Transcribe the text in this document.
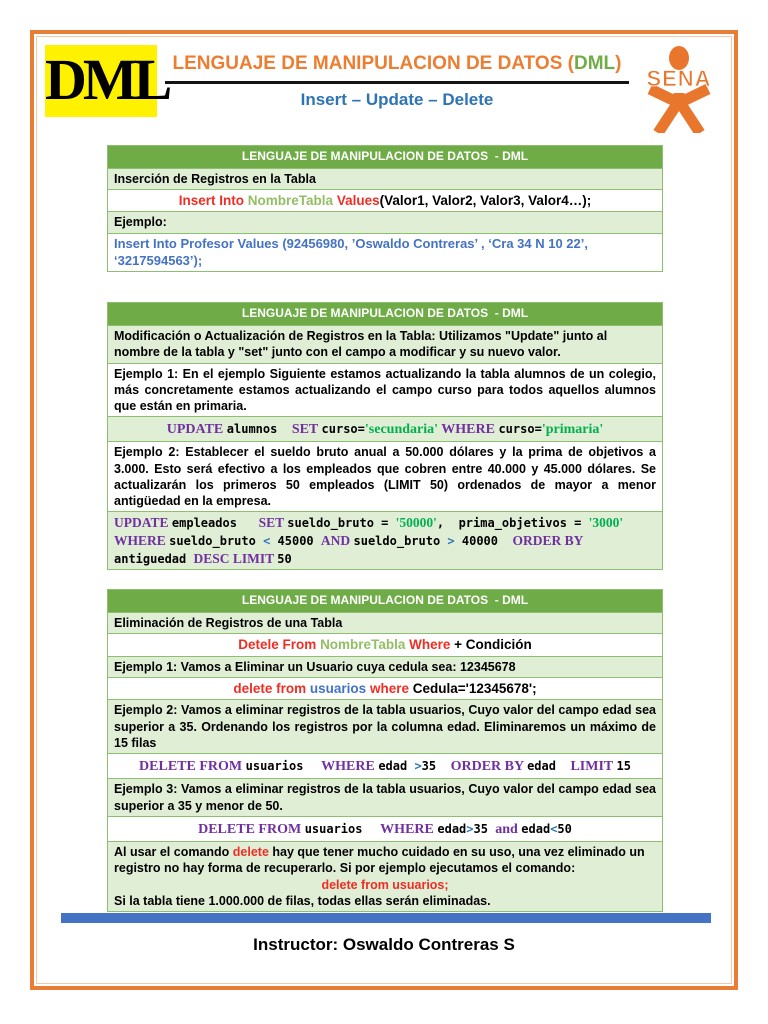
DML LENGUAJE DE MANIPULACION DE DATOS (DML)
Insert – Update – Delete
SENA
LENGUAJE DE MANIPULACION DE DATOS  - DML
Inserción de Registros en la Tabla
Insert Into NombreTabla Values(Valor1, Valor2, Valor3, Valor4…);
Ejemplo:
Insert Into Profesor Values (92456980, ’Oswaldo Contreras’ , ‘Cra 34 N 10 22’, ‘3217594563’);
LENGUAJE DE MANIPULACION DE DATOS  - DML
Modificación o Actualización de Registros en la Tabla: Utilizamos "Update" junto al nombre de la tabla y "set" junto con el campo a modificar y su nuevo valor.
Ejemplo 1: En el ejemplo Siguiente estamos actualizando la tabla alumnos de un colegio, más concretamente estamos actualizando el campo curso para todos aquellos alumnos que están en primaria.
UPDATE alumnos  SET curso='secundaria' WHERE curso='primaria'
Ejemplo 2: Establecer el sueldo bruto anual a 50.000 dólares y la prima de objetivos a 3.000. Esto será efectivo a los empleados que cobren entre 40.000 y 45.000 dólares. Se actualizarán los primeros 50 empleados (LIMIT 50) ordenados de mayor a menor antigüedad en la empresa.
UPDATE empleados   SET sueldo_bruto = '50000',  prima_objetivos = '3000' WHERE sueldo_bruto < 45000 AND sueldo_bruto > 40000  ORDER BY antiguedad DESC LIMIT 50
LENGUAJE DE MANIPULACION DE DATOS  - DML
Eliminación de Registros de una Tabla
Detele From NombreTabla Where + Condición
Ejemplo 1: Vamos a Eliminar un Usuario cuya cedula sea: 12345678
delete from usuarios where Cedula='12345678';
Ejemplo 2: Vamos a eliminar registros de la tabla usuarios, Cuyo valor del campo edad sea superior a 35. Ordenando los registros por la columna edad. Eliminaremos un máximo de 15 filas
DELETE FROM usuarios   WHERE edad >35  ORDER BY edad  LIMIT 15
Ejemplo 3: Vamos a eliminar registros de la tabla usuarios, Cuyo valor del campo edad sea superior a 35 y menor de 50.
DELETE FROM usuarios   WHERE edad>35 and edad<50
Al usar el comando delete hay que tener mucho cuidado en su uso, una vez eliminado un registro no hay forma de recuperarlo. Si por ejemplo ejecutamos el comando:
delete from usuarios;
Si la tabla tiene 1.000.000 de filas, todas ellas serán eliminadas.
Instructor: Oswaldo Contreras S
